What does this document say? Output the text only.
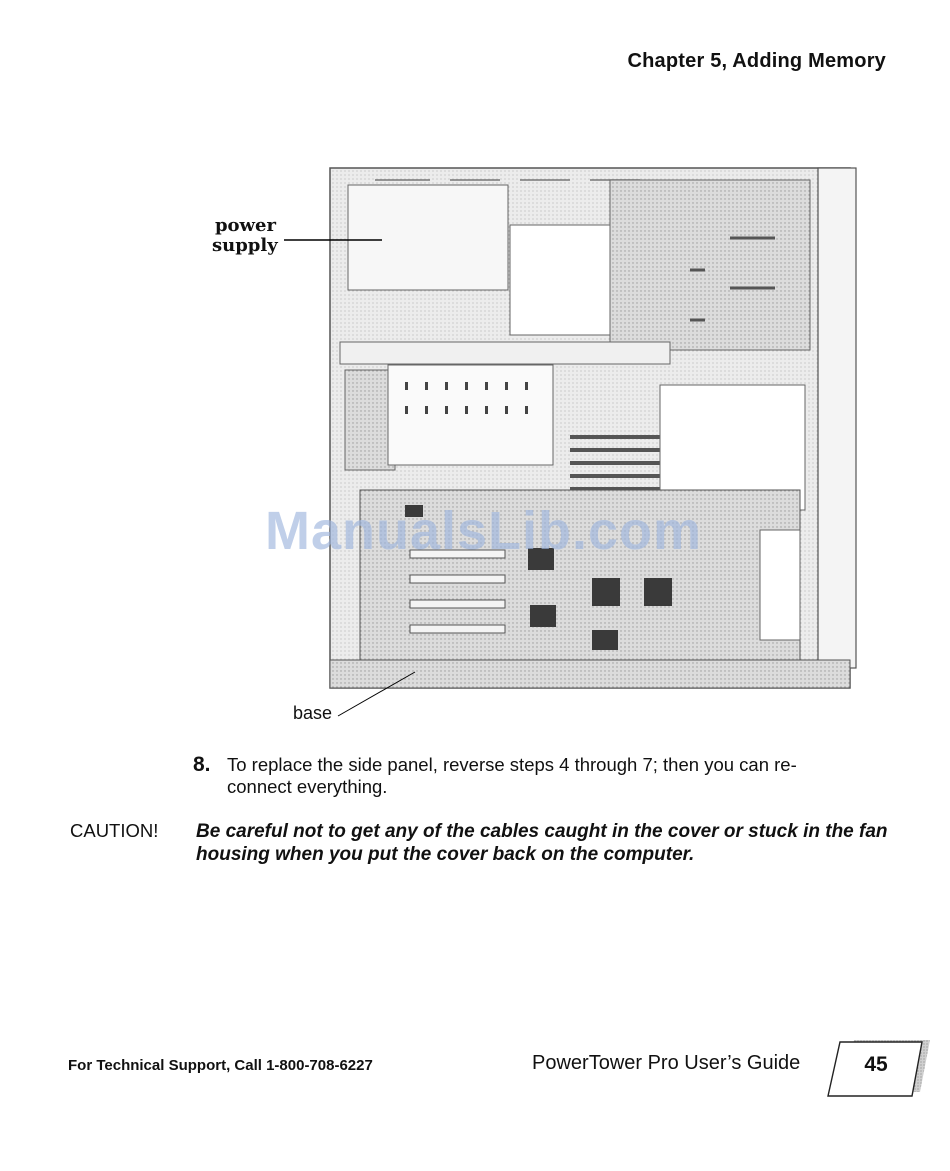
Chapter 5, Adding Memory
power
supply
base
ManualsLib.com
8. To replace the side panel, reverse steps 4 through 7; then you can re-connect everything.
CAUTION! Be careful not to get any of the cables caught in the cover or stuck in the fan housing when you put the cover back on the computer.
For Technical Support, Call 1-800-708-6227	PowerTower Pro User’s Guide	45
